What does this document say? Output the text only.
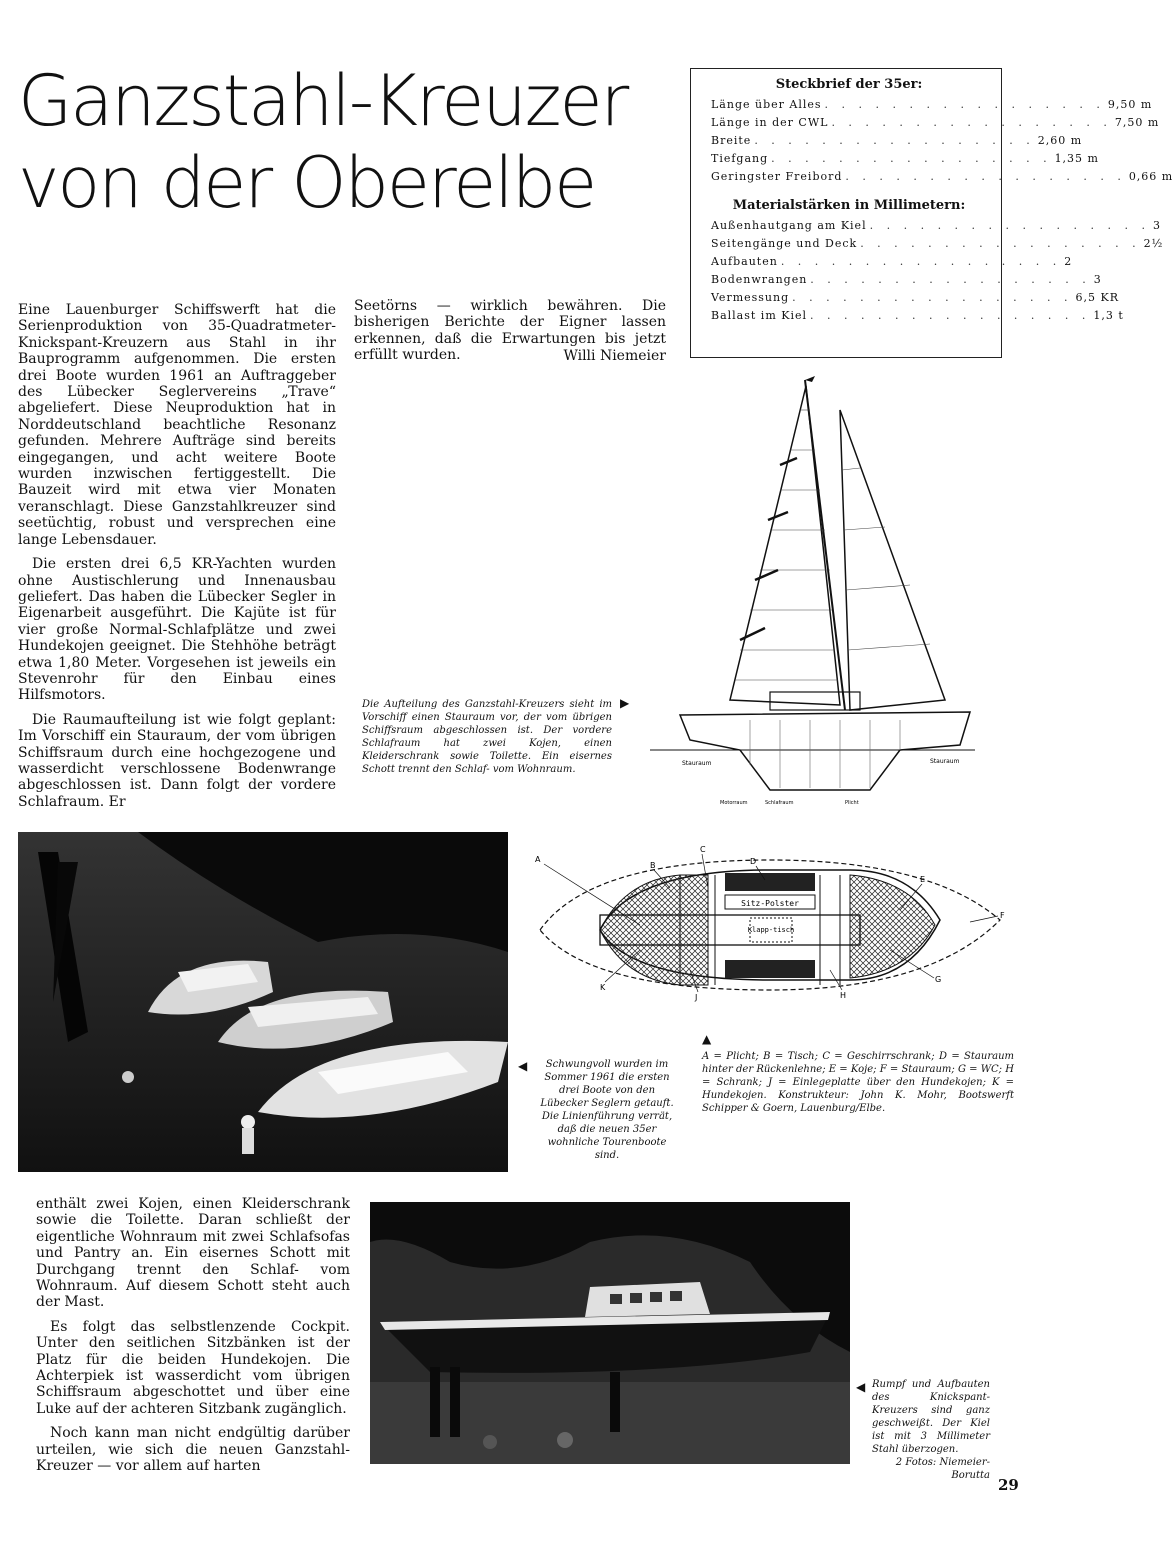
Ganzstahl-Kreuzer
von der Oberelbe
Steckbrief der 35er:
Länge über Alles . . . . . . . . . . . . . . . . . 9,50 m
Länge in der CWL . . . . . . . . . . . . . . . . . 7,50 m
Breite . . . . . . . . . . . . . . . . . 2,60 m
Tiefgang . . . . . . . . . . . . . . . . . 1,35 m
Geringster Freibord . . . . . . . . . . . . . . . . . 0,66 m
Materialstärken in Millimetern:
Außenhautgang am Kiel . . . . . . . . . . . . . . . . . 3
Seitengänge und Deck . . . . . . . . . . . . . . . . . 2½
Aufbauten . . . . . . . . . . . . . . . . . 2
Bodenwrangen . . . . . . . . . . . . . . . . . 3
Vermessung . . . . . . . . . . . . . . . . . 6,5 KR
Ballast im Kiel . . . . . . . . . . . . . . . . . 1,3 t

Eine Lauenburger Schiffswerft hat die Serienproduktion von 35-Quadratmeter-Knickspant-Kreuzern aus Stahl in ihr Bauprogramm aufgenommen. Die ersten drei Boote wurden 1961 an Auftraggeber des Lübecker Seglervereins „Trave“ abgeliefert. Diese Neuproduktion hat in Norddeutschland beachtliche Resonanz gefunden. Mehrere Aufträge sind bereits eingegangen, und acht weitere Boote wurden inzwischen fertiggestellt. Die Bauzeit wird mit etwa vier Monaten veranschlagt. Diese Ganzstahlkreuzer sind seetüchtig, robust und versprechen eine lange Lebensdauer.

Die ersten drei 6,5 KR-Yachten wurden ohne Austischlerung und Innenausbau geliefert. Das haben die Lübecker Segler in Eigenarbeit ausgeführt. Die Kajüte ist für vier große Normal-Schlafplätze und zwei Hundekojen geeignet. Die Stehhöhe beträgt etwa 1,80 Meter. Vorgesehen ist jeweils ein Stevenrohr für den Einbau eines Hilfsmotors.

Die Raumaufteilung ist wie folgt geplant: Im Vorschiff ein Stauraum, der vom übrigen Schiffsraum durch eine hochgezogene und wasserdicht verschlossene Bodenwrange abgeschlossen ist. Dann folgt der vordere Schlafraum. Er

Seetörns — wirklich bewähren. Die bisherigen Berichte der Eigner lassen erkennen, daß die Erwartungen bis jetzt erfüllt wurden.	Willi Niemeier
Stauraum	Stauraum
Motorraum	Schlafraum	Plicht
Die Aufteilung des Ganzstahl-Kreuzers sieht im Vorschiff einen Stauraum vor, der vom übrigen Schiffsraum abgeschlossen ist. Der vordere Schlafraum hat zwei Kojen, einen Kleiderschrank sowie Toilette. Ein eisernes Schott trennt den Schlaf- vom Wohnraum.
▶
◀	Schwungvoll wurden im Sommer 1961 die ersten drei Boote von den Lübecker Seglern getauft. Die Linienführung verrät, daß die neuen 35er wohnliche Tourenboote sind.
Sitz-Polster
Klapp-tisch
A
B
C
D
E
F
G
H
J
K
▲
A = Plicht; B = Tisch; C = Geschirrschrank; D = Stauraum hinter der Rückenlehne; E = Koje; F = Stauraum; G = WC; H = Schrank; J = Einlegeplatte über den Hundekojen; K = Hundekojen. Konstrukteur: John K. Mohr, Bootswerft Schipper & Goern, Lauenburg/Elbe.

enthält zwei Kojen, einen Kleiderschrank sowie die Toilette. Daran schließt der eigentliche Wohnraum mit zwei Schlafsofas und Pantry an. Ein eisernes Schott mit Durchgang trennt den Schlaf- vom Wohnraum. Auf diesem Schott steht auch der Mast.

Es folgt das selbstlenzende Cockpit. Unter den seitlichen Sitzbänken ist der Platz für die beiden Hundekojen. Die Achterpiek ist wasserdicht vom übrigen Schiffsraum abgeschottet und über eine Luke auf der achteren Sitzbank zugänglich.

Noch kann man nicht endgültig darüber urteilen, wie sich die neuen Ganzstahl-Kreuzer — vor allem auf harten

◀ Rumpf und Aufbauten des Knickspant-Kreuzers sind ganz geschweißt. Der Kiel ist mit 3 Millimeter Stahl überzogen.
2 Fotos: Niemeier-Borutta
29
